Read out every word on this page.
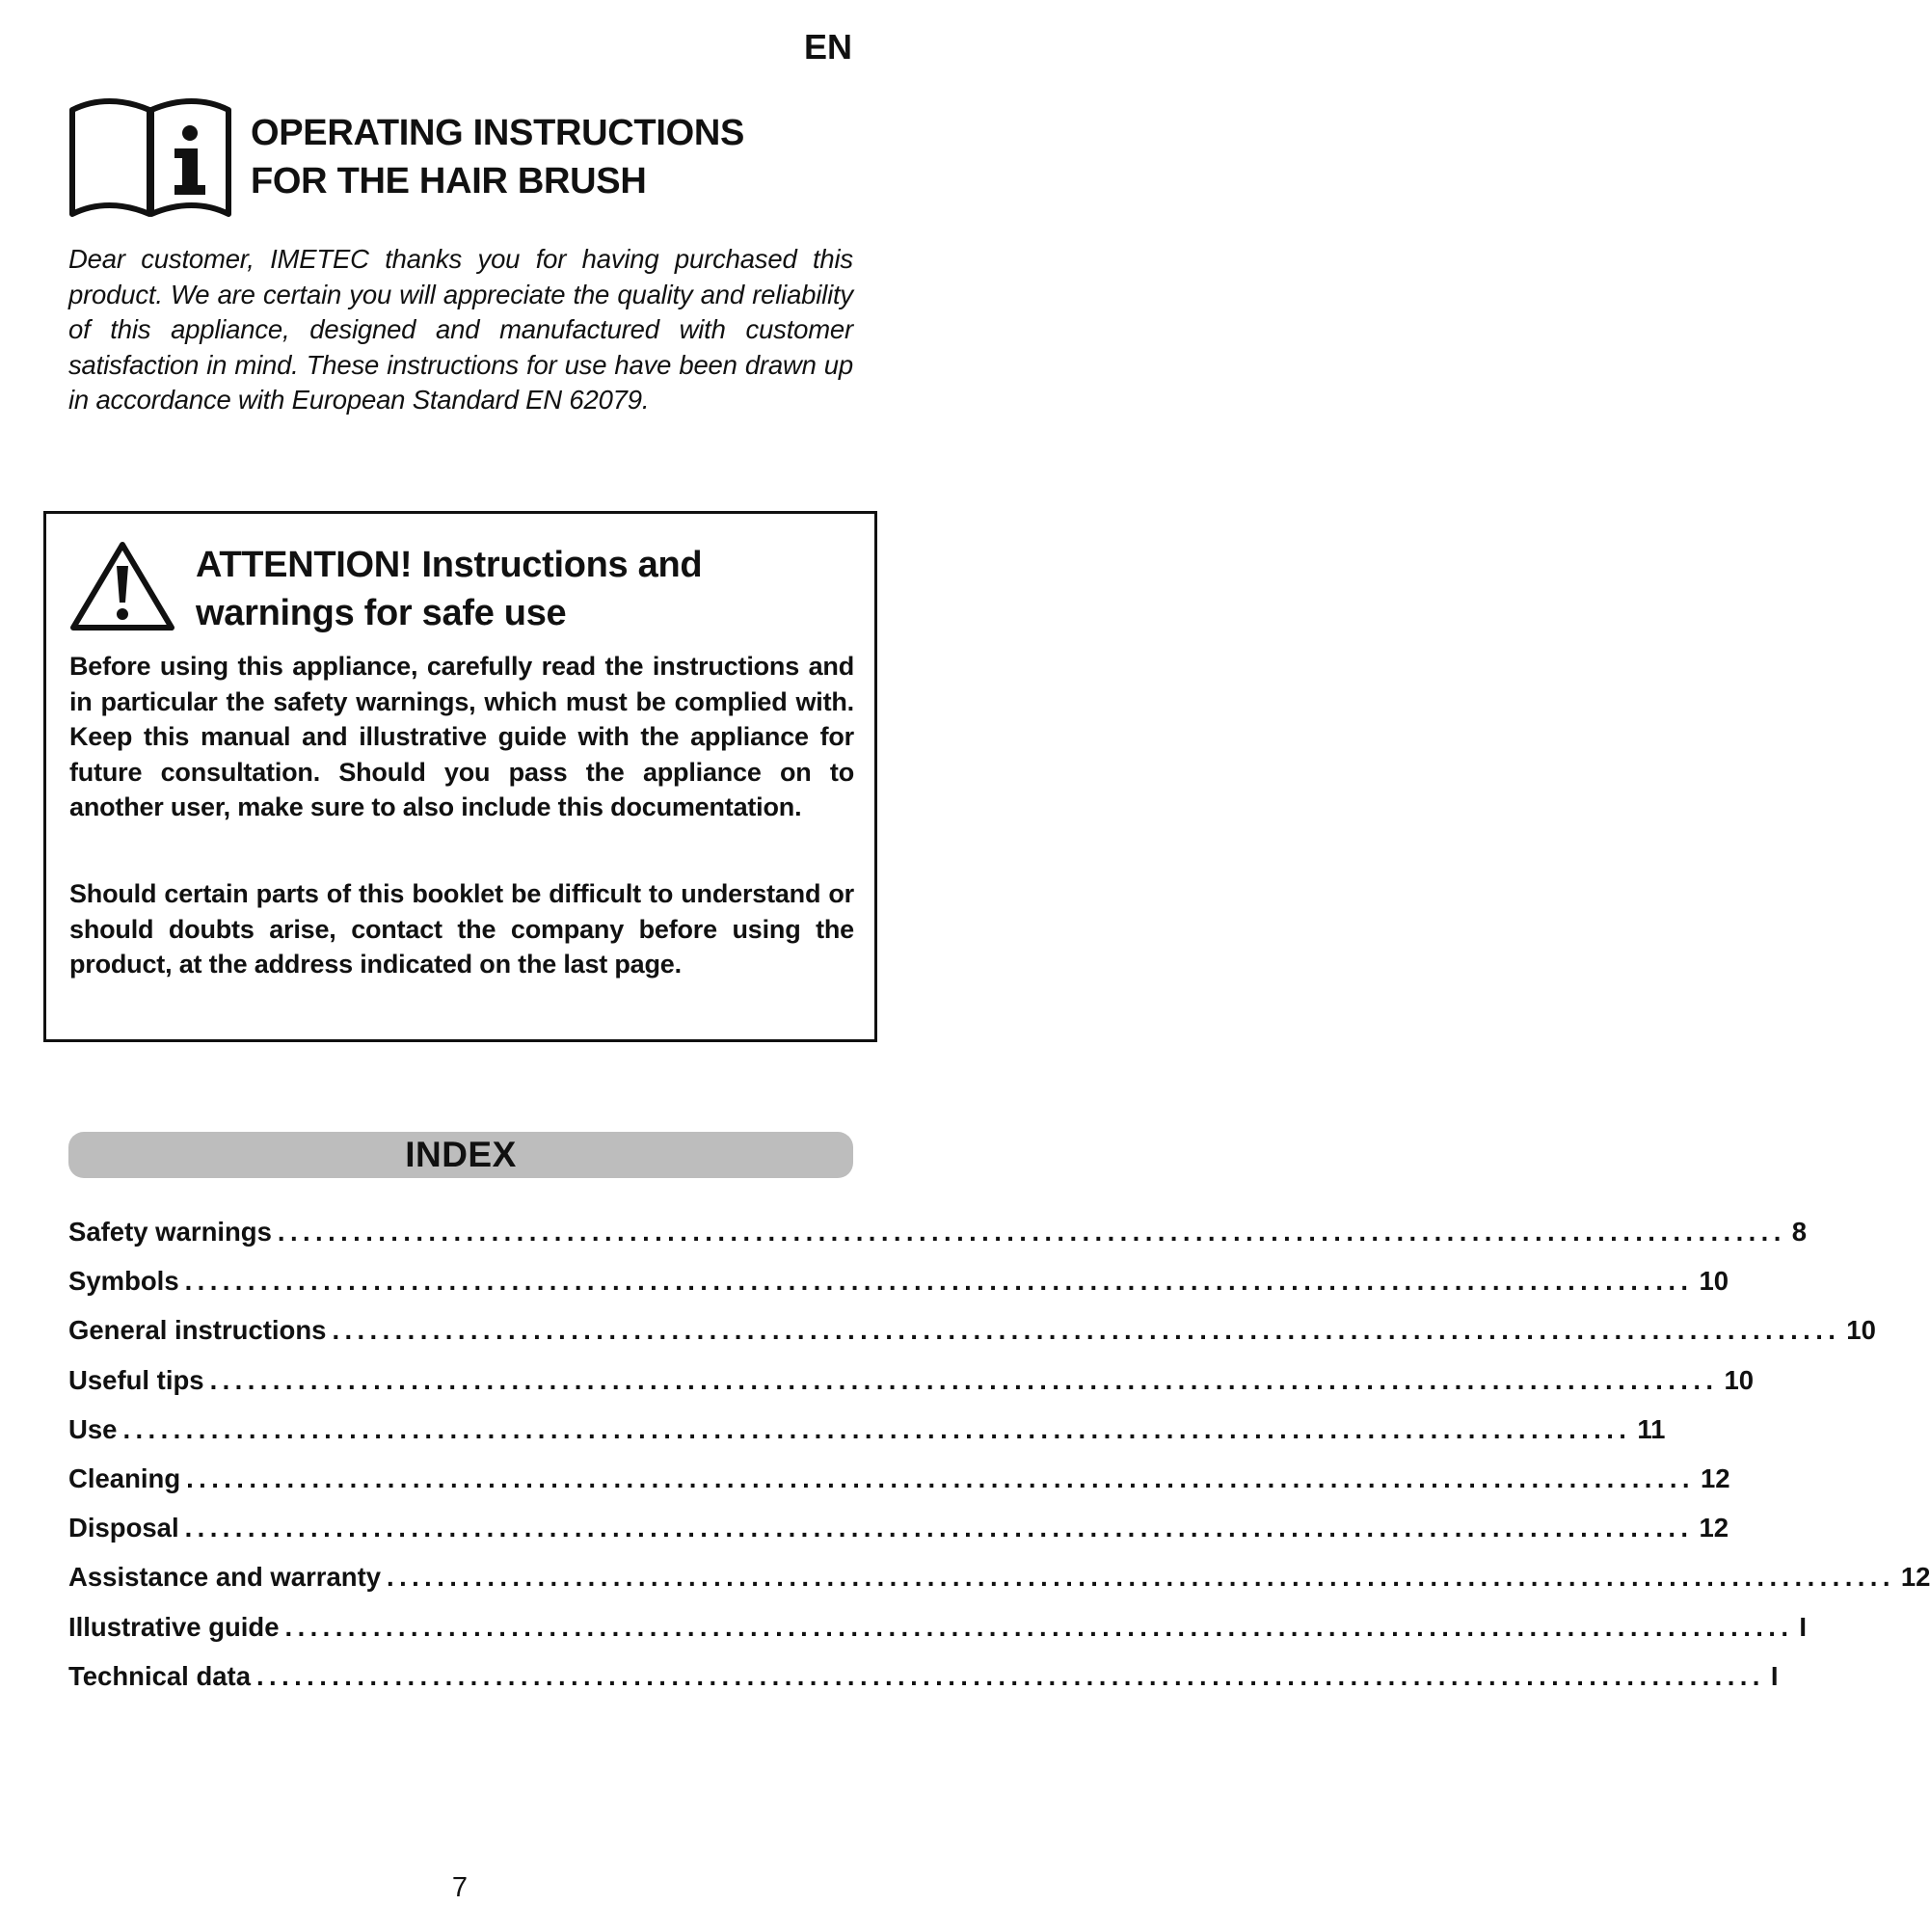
EN
OPERATING INSTRUCTIONS
FOR THE HAIR BRUSH

Dear customer, IMETEC thanks you for having purchased this product. We are certain you will appreciate the quality and reliability of this appliance, designed and manufactured with customer satisfaction in mind. These instructions for use have been drawn up in accordance with European Standard EN 62079.

ATTENTION! Instructions and
warnings for safe use

Before using this appliance, carefully read the instructions and in particular the safety warnings, which must be complied with. Keep this manual and illustrative guide with the appliance for future consultation. Should you pass the appliance on to another user, make sure to also include this documentation.

Should certain parts of this booklet be difficult to understand or should doubts arise, contact the company before using the product, at the address indicated on the last page.

INDEX
Safety warnings ........................................................................................................................ 8
Symbols ........................................................................................................................ 10
General instructions ........................................................................................................................ 10
Useful tips ........................................................................................................................ 10
Use ........................................................................................................................ 11
Cleaning ........................................................................................................................ 12
Disposal ........................................................................................................................ 12
Assistance and warranty ........................................................................................................................ 12
Illustrative guide ........................................................................................................................ I
Technical data ........................................................................................................................ I
7
